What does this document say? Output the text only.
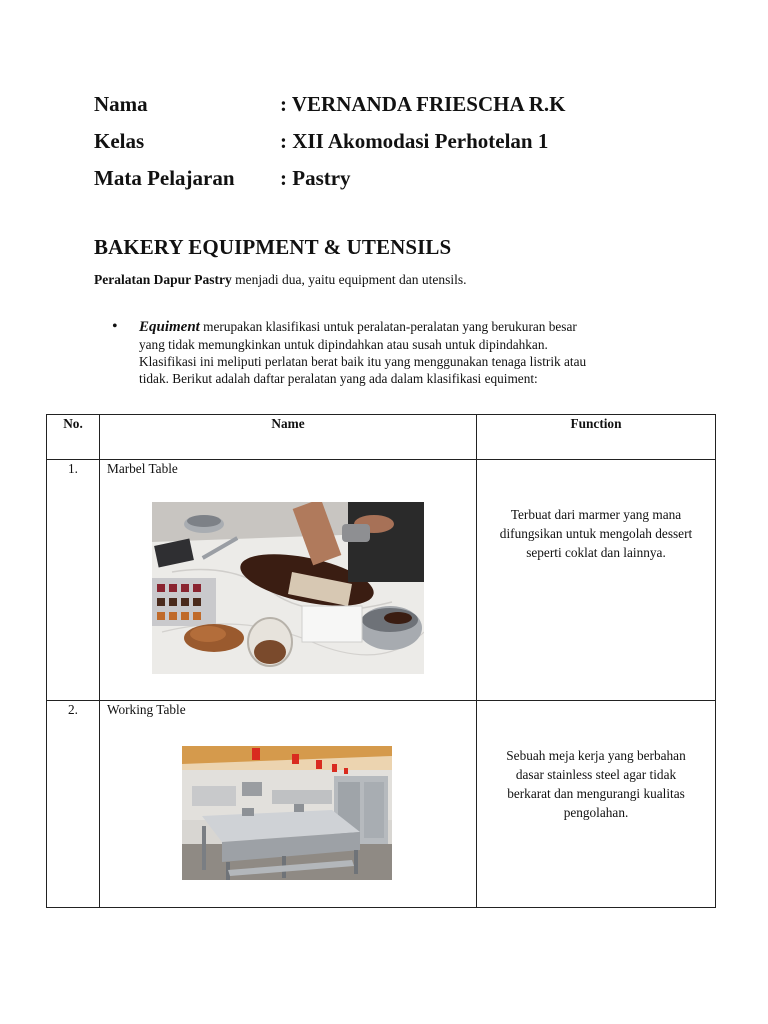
Nama	: VERNANDA FRIESCHA R.K
Kelas	: XII Akomodasi Perhotelan 1
Mata Pelajaran	: Pastry
BAKERY EQUIPMENT & UTENSILS
Peralatan Dapur Pastry menjadi dua, yaitu equipment dan utensils.
• Equiment merupakan klasifikasi untuk peralatan-peralatan yang berukuran besar

yang tidak memungkinkan untuk dipindahkan atau susah untuk dipindahkan.

Klasifikasi ini meliputi perlatan berat baik itu yang menggunakan tenaga listrik atau

tidak. Berikut adalah daftar peralatan yang ada dalam klasifikasi equiment:

No.	Name	Function

1.	Marbel Table	Terbuat dari marmer yang mana
difungsikan untuk mengolah dessert
seperti coklat dan lainnya.

2.	Working Table	Sebuah meja kerja yang berbahan
dasar stainless steel agar tidak
berkarat dan mengurangi kualitas
pengolahan.
